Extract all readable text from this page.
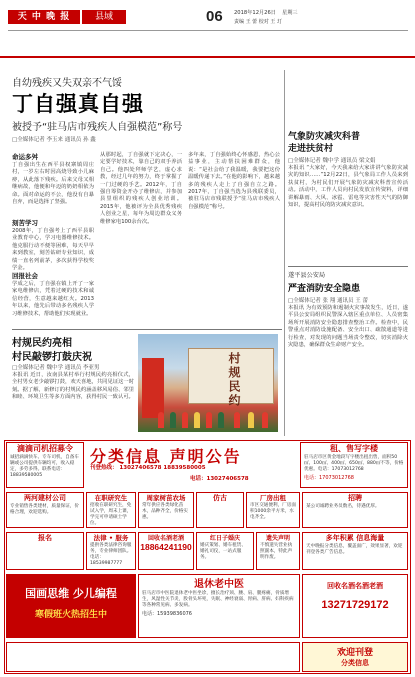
天 中 晚 报	县域	06 2018年12月26日 星期三
责编 王 蕾 校对 王 玎
自幼残疾又失双亲不气馁
丁自强真自强
被授予“驻马店市残疾人自强模范”称号
□全媒体记者 李玉来 通讯员 孙 鑫
命运多舛
丁自强出生在西平县权寨镇周庄村，一岁左右时因高烧导致小儿麻痹，从此落下残疾。后来父母又相继病故，他便和年迈的奶奶相依为命。面对命运的不公，他没有自暴自弃，而是选择了坚强。
刻苦学习
2008年，丁自强考上了西平县职业教育中心，学习电器维修技术。他克服行动不便等困难，每天早早来到教室，刻苦钻研专业知识，成绩一直名列前茅，多次获得学校奖学金。
回报社会
学成之后，丁自强在镇上开了一家家电维修店，凭着过硬的技术和诚信经营，生意越来越红火。2013年以来，他先后带动多名残疾人学习维修技术，帮助他们实现就业。
从那时起，丁自强就下定决心，一定要学好技术，靠自己的双手养活自己。他四处拜师学艺，虚心求教，经过几年的努力，终于掌握了一门过硬的手艺。2012年，丁自强自筹资金开办了维修店，并参加县里组织的残疾人创业培训。2015年，他被评为全县优秀残疾人创业之星，每年为周边群众义务维修家电100余台次。
多年来，丁自强始终心怀感恩，热心公益事业，主动帮扶困难群众，他说：“是社会给了我温暖，我要把这份温暖传递下去。”在他的影响下，越来越多的残疾人走上了自强自立之路。2017年，丁自强当选为县残联委员，被驻马店市残联授予“驻马店市残疾人自强模范”称号。
村规民约亮相
村民敲锣打鼓庆祝
□全媒体记者 魏中学 通讯员 李亚男
本报讯 近日，汝南县某村举行村规民约亮相仪式，全村男女老少敲锣打鼓，欢天喜地，共同见证这一时刻。据了解，新修订的村规民约涵盖移风易俗、邻里和睦、环境卫生等多方面内容，获得村民一致认可。	村规民约
气象防灾减灾科普
走进扶贫村
□全媒体记者 魏中学 通讯员 梁文娟
本报讯 “大家好，今天我来给大家讲讲气象防灾减灾的知识……”12月22日，县气象局工作人员来到扶贫村，为村民们开展气象防灾减灾科普宣传活动。活动中，工作人员向村民发放宣传资料，详细讲解暴雨、大风、冰雹、雷电等灾害性天气的防御知识，提高村民的防灾减灾意识。
遂平县公安局
严查消防安全隐患
□全媒体记者 张 翔 通讯员 王 蕾
本报讯 为有效预防和遏制火灾事故发生，近日，遂平县公安局组织民警深入辖区重点单位、人员密集场所开展消防安全隐患排查整治工作。检查中，民警重点对消防设施配备、安全出口、疏散通道等进行检查，对发现的问题当场责令整改，切实消除火灾隐患，确保群众生命财产安全。
分类信息 声明公告
刊登热线： 13027406578 18839580005
电话：13027406578
滴滴司机招募令
诚招滴滴快车、专车司机，自备车辆或公司提供车辆均可，收入稳定，多劳多得。联系电话：18839580005
租、售写字楼
驻马店市区黄金地段写字楼出租出售，面积50㎡、100㎡、400㎡、650㎡、880㎡不等，价格优惠。电话：17073012768
电话：17073012768
两河建材公司
专业销售各类建材，质量保证，价格合理，欢迎选购。
在职研究生
招收在职研究生，免试入学，周末上课，学完可申请硕士学位。
周家树苗农场
常年供应各类绿化苗木，品种齐全，价格实惠。
仿古	厂房出租
市区交通便利，厂房面积1000余平方米，水电齐全。
招聘
某公司诚聘业务员数名，待遇优厚。
报名	法律 • 服务
提供各类法律咨询服务，专业律师团队。电话：18539987777
回收名酒老酒
18864241190
红日子婚庆
婚庆策划、婚车租赁、婚礼司仪，一站式服务。
遗失声明
不慎遗失营业执照副本，特此声明作废。
多年积累 信息海量
天中晚报分类信息，覆盖面广，效果显著，欢迎刊登各类广告信息。
国画思维 少儿编程
寒假班火热招生中
退休老中医
驻马店市中医院退休老中医坐诊，擅长治疗颈、腰、肩、腿疼痛，骨质增生，风湿性关节炎，股骨头坏死，失眠、神经衰弱、胃病、肝病、妇科疾病等各种常见病、多发病。
电话：15939836076
回收名酒名酒老酒
13271729172
欢迎刊登
分类信息
